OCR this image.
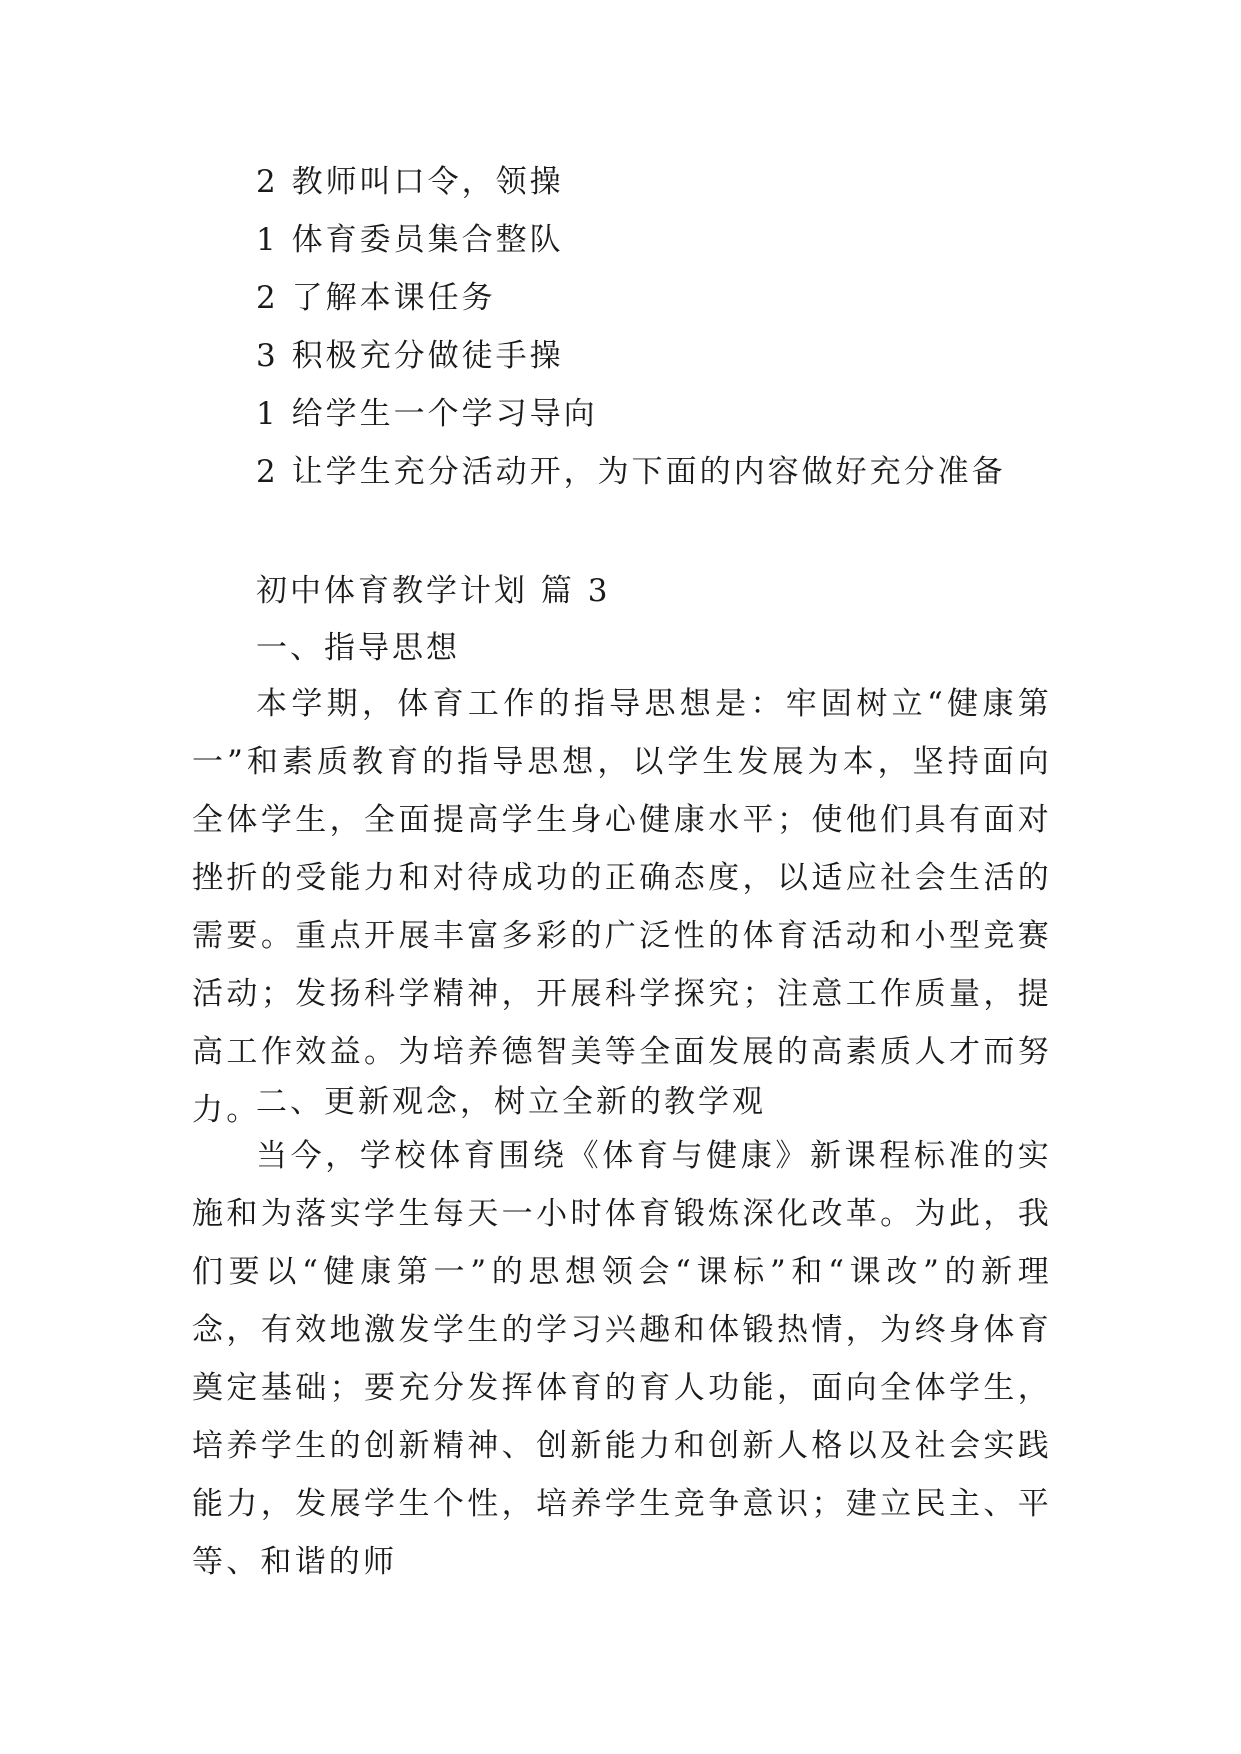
2 教师叫口令，领操
1 体育委员集合整队
2 了解本课任务
3 积极充分做徒手操
1 给学生一个学习导向
2 让学生充分活动开，为下面的内容做好充分准备
初中体育教学计划 篇 3
一、指导思想
本学期，体育工作的指导思想是：牢固树立“健康第一”和素质教育的指导思想，以学生发展为本，坚持面向全体学生，全面提高学生身心健康水平；使他们具有面对挫折的受能力和对待成功的正确态度，以适应社会生活的需要。重点开展丰富多彩的广泛性的体育活动和小型竞赛活动；发扬科学精神，开展科学探究；注意工作质量，提高工作效益。为培养德智美等全面发展的高素质人才而努力。
二、更新观念，树立全新的教学观
当今，学校体育围绕《体育与健康》新课程标准的实施和为落实学生每天一小时体育锻炼深化改革。为此，我们要以“健康第一”的思想领会“课标”和“课改”的新理念，有效地激发学生的学习兴趣和体锻热情，为终身体育奠定基础；要充分发挥体育的育人功能，面向全体学生，培养学生的创新精神、创新能力和创新人格以及社会实践能力，发展学生个性，培养学生竞争意识；建立民主、平等、和谐的师
